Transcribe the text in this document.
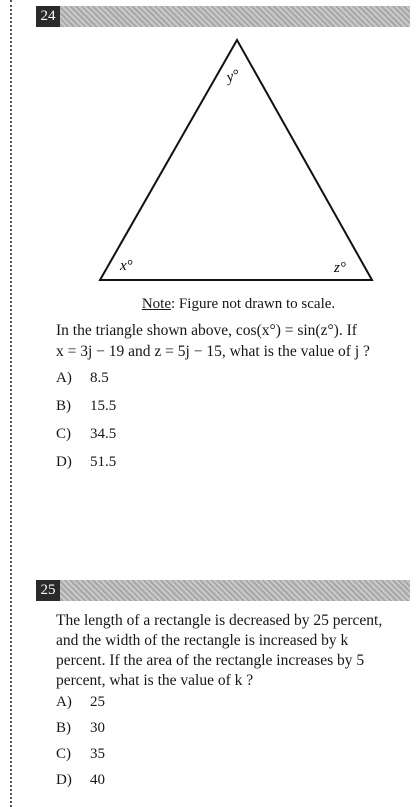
24
y°
x°	z°
Note: Figure not drawn to scale.
In the triangle shown above, cos(x°) = sin(z°). If
x = 3j − 19 and z = 5j − 15, what is the value of j ?
A) 8.5
B) 15.5
C) 34.5
D) 51.5
25
The length of a rectangle is decreased by 25 percent,
and the width of the rectangle is increased by k
percent. If the area of the rectangle increases by 5
percent, what is the value of k ?
A) 25
B) 30
C) 35
D) 40
